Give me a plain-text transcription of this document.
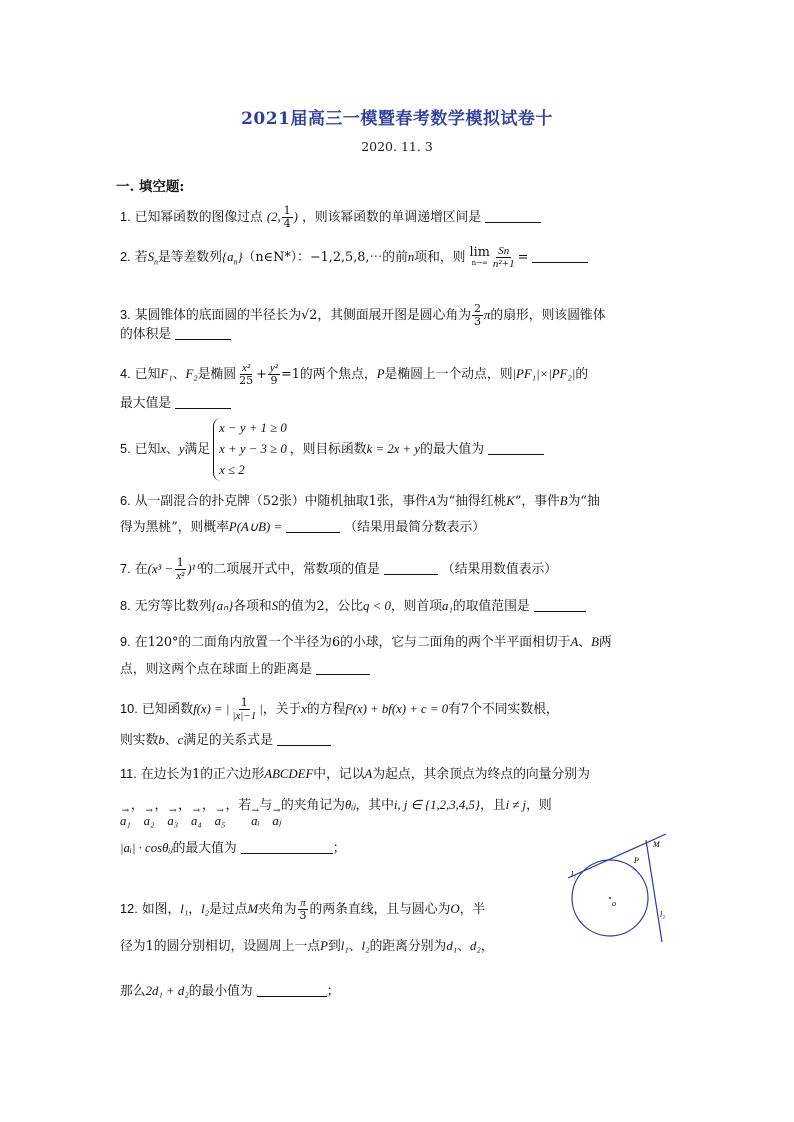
2021届高三一模暨春考数学模拟试卷十
2020. 11. 3
一. 填空题:
1. 已知幂函数的图像过点 (2, $\frac{1}{4}$ ) ，则该幂函数的单调递增区间是
2. 若$S_n$是等差数列$\{a_n\}(n\in N*)$：−1,2,5,8,⋯的前n项和，则 lim
$n\to\infty \frac{Sn}{\text{n²+1}}$ =
3. 某圆锥体的底面圆的半径长为√2，其侧面展开图是圆心角为 $\frac{2}{3}$ π的扇形，则该圆锥体
的体积是
4. 已知F₁、F₂是椭圆 $\frac{\text{x²}}{25} + \frac{\text{y²}}{9} =1$的两个焦点，P是椭圆上一个动点，则|PF₁|×|PF₂|的
最大值是
5. 已知x、y满足x − y + 1 ≥ 0
x + y − 3 ≥ 0
x ≤ 2，则目标函数k = 2x + y的最大值为
6. 从一副混合的扑克牌（52张）中随机抽取1张，事件A为“抽得红桃K”，事件B为“抽
得为黑桃”，则概率P(A∪B) =	（结果用最简分数表示）
7. 在$(x^3 - \frac{1}{\text{x²}} )^{10}$的二项展开式中，常数项的值是	（结果用数值表示）
8. 无穷等比数列{aₙ}各项和S的值为2，公比q < 0，则首项a₁的取值范围是
9. 在120°的二面角内放置一个半径为6的小球，它与二面角的两个半平面相切于A、B两
点，则这两个点在球面上的距离是
10. 已知函数f(x) = | $\frac{1}{|x|-1}$ |，关于x的方程f²(x) + bf(x) + c = 0有7个不同实数根，
则实数b、c满足的关系式是
11. 在边长为1的正六边形ABCDEF中，记以A为起点，其余顶点为终点的向量分别为
→
a₁
， →
a₂
， →
a₃
， →
a₄
， →
a₅
，若 →
aᵢ
与 →
aⱼ
的夹角记为θᵢⱼ，其中i, j ∈ {1,2,3,4,5}，且i ≠ j，则
|aᵢ| · cosθᵢⱼ的最大值为	；
12. 如图，l₁，l₂是过点M夹角为 $\frac{\pi}{3}$ 的两条直线，且与圆心为O，半
径为1的圆分别相切，设圆周上一点P到l₁、l₂的距离分别为d₁、d₂，
那么2d₁ + d₂的最小值为	；
M
P
o
l₁
l₂
